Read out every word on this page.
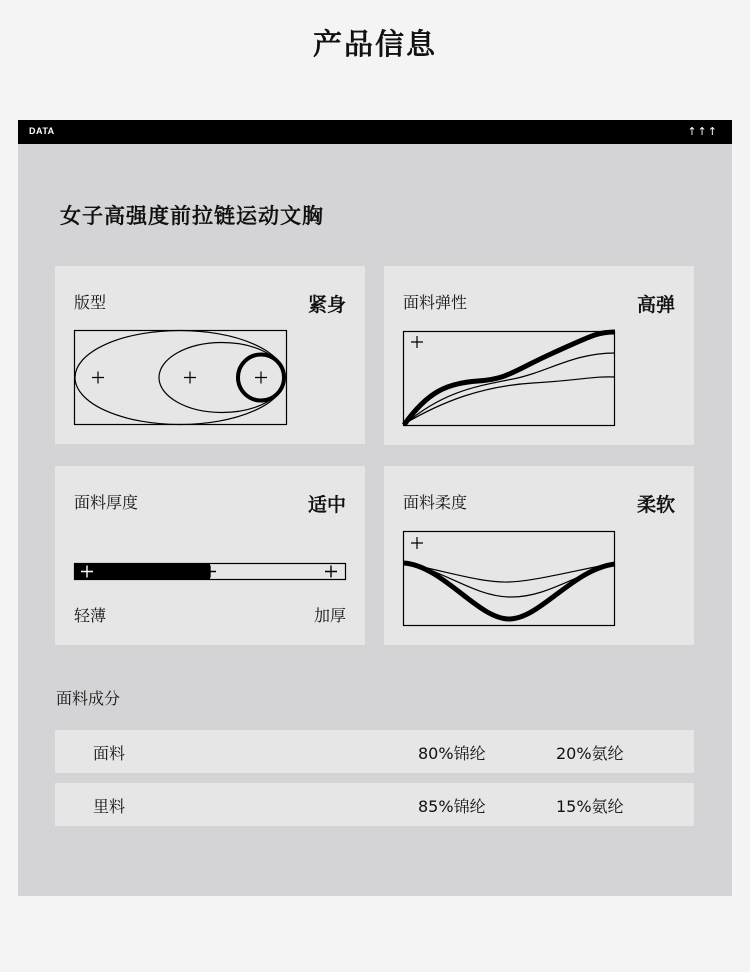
产品信息
DATA	↑↑↑
女子高强度前拉链运动文胸
版型	紧身	面料弹性	高弹
面料厚度	适中
轻薄	加厚
面料柔度	柔软
面料成分
面料	80%锦纶	20%氨纶
里料	85%锦纶	15%氨纶
